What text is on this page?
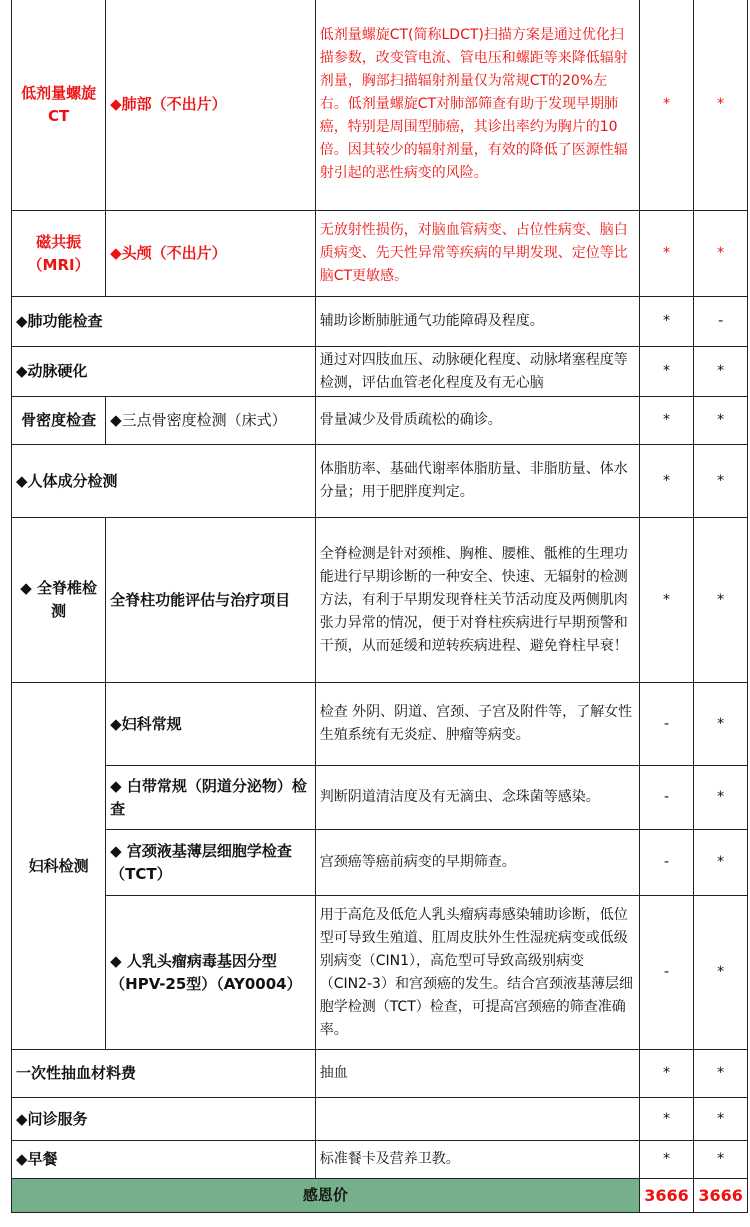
低剂量螺旋CT	◆肺部（不出片）	低剂量螺旋CT(简称LDCT)扫描方案是通过优化扫描参数，改变管电流、管电压和螺距等来降低辐射剂量，胸部扫描辐射剂量仅为常规CT的20%左右。低剂量螺旋CT对肺部筛查有助于发现早期肺癌，特别是周围型肺癌，其诊出率约为胸片的10倍。因其较少的辐射剂量，有效的降低了医源性辐射引起的恶性病变的风险。	*	*
磁共振（MRI）	◆头颅（不出片）	无放射性损伤，对脑血管病变、占位性病变、脑白质病变、先天性异常等疾病的早期发现、定位等比脑CT更敏感。	*	*
◆肺功能检查		辅助诊断肺脏通气功能障碍及程度。	*	-
◆动脉硬化		通过对四肢血压、动脉硬化程度、动脉堵塞程度等检测，评估血管老化程度及有无心脑	*	*
骨密度检查	◆三点骨密度检测（床式）	骨量减少及骨质疏松的确诊。	*	*
◆人体成分检测		体脂肪率、基础代谢率体脂肪量、非脂肪量、体水分量；用于肥胖度判定。	*	*
◆ 全脊椎检测	全脊柱功能评估与治疗项目	全脊检测是针对颈椎、胸椎、腰椎、骶椎的生理功能进行早期诊断的一种安全、快速、无辐射的检测方法，有利于早期发现脊柱关节活动度及两侧肌肉张力异常的情况，便于对脊柱疾病进行早期预警和干预，从而延缓和逆转疾病进程、避免脊柱早衰！	*	*
妇科检测	◆妇科常规	检查 外阴、阴道、宫颈、子宫及附件等，了解女性生殖系统有无炎症、肿瘤等病变。	-	*
	◆ 白带常规（阴道分泌物）检查	判断阴道清洁度及有无滴虫、念珠菌等感染。	-	*
	◆ 宫颈液基薄层细胞学检查（TCT）	宫颈癌等癌前病变的早期筛查。	-	*
	◆ 人乳头瘤病毒基因分型（HPV-25型）（AY0004）	用于高危及低危人乳头瘤病毒感染辅助诊断，低位型可导致生殖道、肛周皮肤外生性湿疣病变或低级别病变（CIN1），高危型可导致高级别病变（CIN2-3）和宫颈癌的发生。结合宫颈液基薄层细胞学检测（TCT）检查，可提高宫颈癌的筛查准确率。	-	*
一次性抽血材料费		抽血	*	*
◆问诊服务			*	*
◆早餐		标准餐卡及营养卫教。	*	*
感恩价			3666	3666
